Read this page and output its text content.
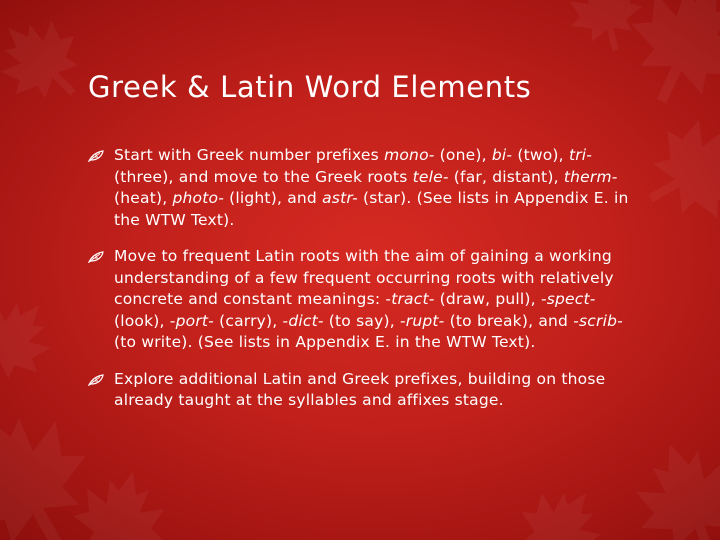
Greek & Latin Word Elements
Start with Greek number prefixes mono- (one), bi- (two), tri- (three), and move to the Greek roots tele- (far, distant), therm- (heat), photo- (light), and astr- (star). (See lists in Appendix E. in the WTW Text).
Move to frequent Latin roots with the aim of gaining a working understanding of a few frequent occurring roots with relatively concrete and constant meanings: -tract- (draw, pull), -spect- (look), -port- (carry), -dict- (to say), -rupt- (to break), and -scrib- (to write). (See lists in Appendix E. in the WTW Text).
Explore additional Latin and Greek prefixes, building on those already taught at the syllables and affixes stage.
